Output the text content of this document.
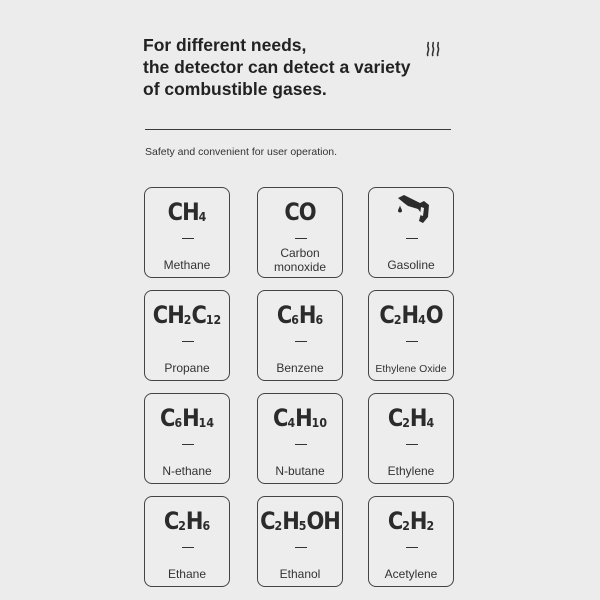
For different needs,
the detector can detect a variety
of combustible gases.
Safety and convenient for user operation.
$CH_4$
Methane
CO
Carbon monoxide	Gasoline
$CH_2C_{12}$
Propane
$C_6H_6$
Benzene
$C_2H_4O$
Ethylene Oxide
$C_6H_{14}$
N-ethane
$C_4H_{10}$
N-butane
$C_2H_4$
Ethylene
$C_2H_6$
Ethane
$C_2H_5OH$
Ethanol
$C_2H_2$
Acetylene
